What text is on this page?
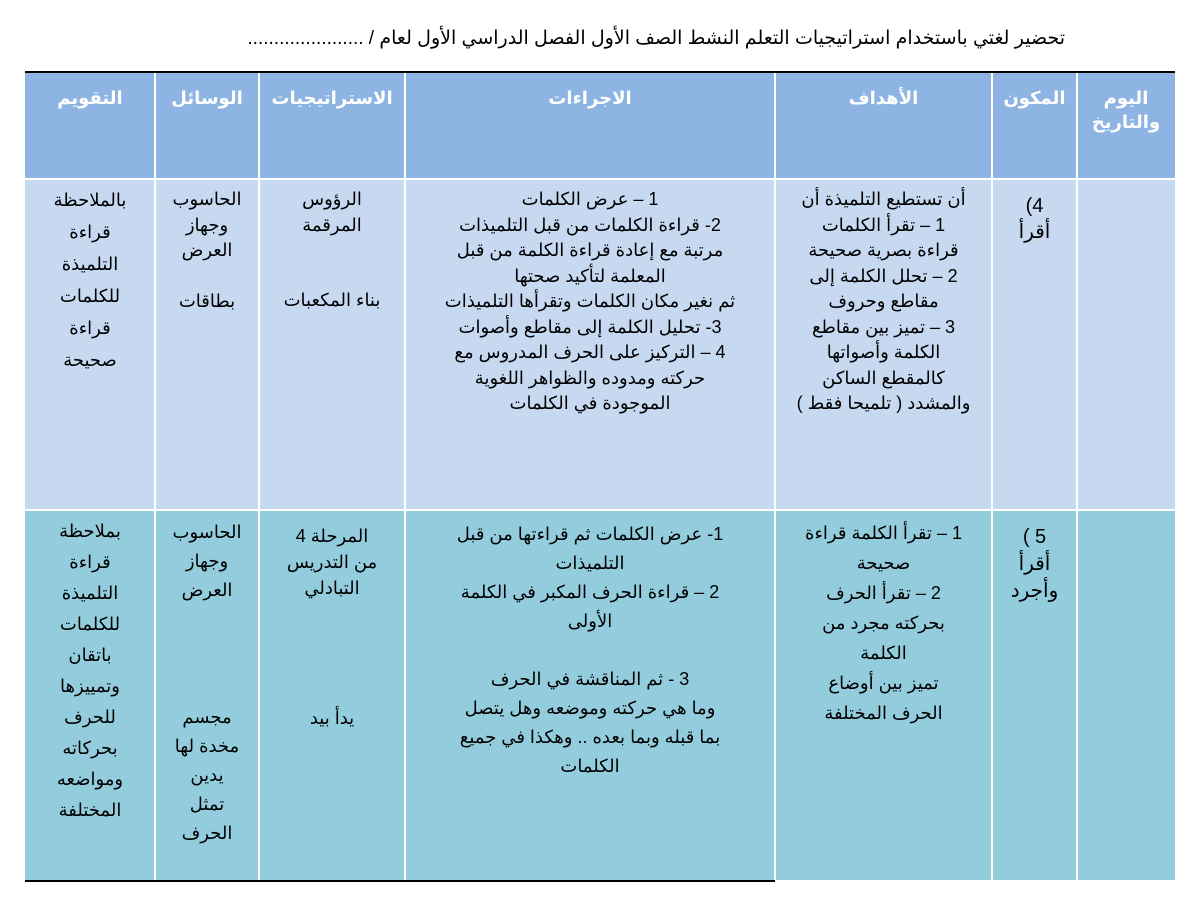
تحضير لغتي باستخدام استراتيجيات التعلم النشط الصف الأول الفصل الدراسي الأول لعام / ......................
اليوم
والتاريخ
المكون
الأهداف
الاجراءات
الاستراتيجيات
الوسائل
التقويم
4)
أقرأ
أن تستطيع التلميذة أن
1 – تقرأ الكلمات
قراءة بصرية صحيحة
2 – تحلل الكلمة إلى
مقاطع وحروف
3 – تميز بين مقاطع
الكلمة وأصواتها
كالمقطع الساكن
والمشدد ( تلميحا فقط )
1 – عرض الكلمات
2- قراءة الكلمات من قبل التلميذات
مرتبة مع إعادة قراءة الكلمة من قبل
المعلمة لتأكيد صحتها
ثم نغير مكان الكلمات وتقرأها التلميذات
3- تحليل الكلمة إلى مقاطع وأصوات
4 – التركيز على الحرف المدروس مع
حركته ومدوده والظواهر اللغوية
الموجودة في الكلمات
الرؤوس
المرقمة
بناء المكعبات
الحاسوب
وجهاز
العرض
بطاقات
بالملاحظة
قراءة
التلميذة
للكلمات
قراءة
صحيحة
5 )
أقرأ
وأجرد
1 – تقرأ الكلمة قراءة
صحيحة
2 – تقرأ الحرف
بحركته مجرد من
الكلمة
تميز بين أوضاع
الحرف المختلفة
1- عرض الكلمات ثم قراءتها من قبل
التلميذات
2 – قراءة الحرف المكبر في الكلمة
الأولى
3 - ثم المناقشة في الحرف
وما هي حركته وموضعه وهل يتصل
بما قبله وبما بعده .. وهكذا في جميع
الكلمات
المرحلة 4
من التدريس
التبادلي
يدأ بيد
الحاسوب
وجهاز
العرض
مجسم
مخدة لها
يدين
تمثل
الحرف
بملاحظة
قراءة
التلميذة
للكلمات
باتقان
وتمييزها
للحرف
بحركاته
ومواضعه
المختلفة
